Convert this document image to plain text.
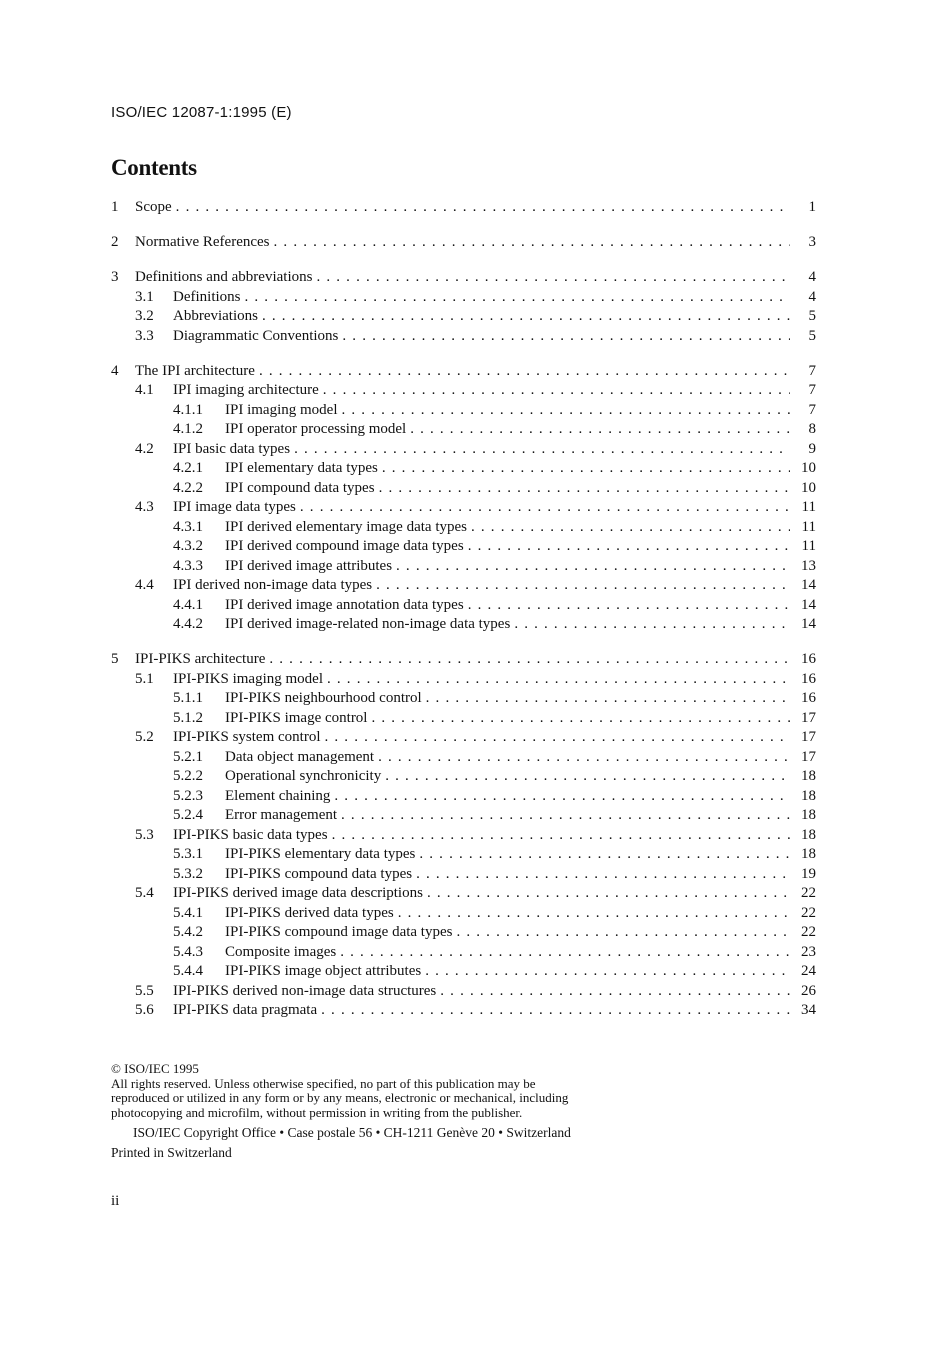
ISO/IEC 12087-1:1995 (E)
Contents
1 Scope . . .	1
2 Normative References . . .	3
3 Definitions and abbreviations . . .	4
3.1 Definitions . . .	4
3.2 Abbreviations . . .	5
3.3 Diagrammatic Conventions . . .	5
4 The IPI architecture . . .	7
4.1 IPI imaging architecture . . .	7
4.1.1 IPI imaging model . . .	7
4.1.2 IPI operator processing model . . .	8
4.2 IPI basic data types . . .	9
4.2.1 IPI elementary data types . . .	10
4.2.2 IPI compound data types . . .	10
4.3 IPI image data types . . .	11
4.3.1 IPI derived elementary image data types . . .	11
4.3.2 IPI derived compound image data types . . .	11
4.3.3 IPI derived image attributes . . .	13
4.4 IPI derived non-image data types . . .	14
4.4.1 IPI derived image annotation data types . . .	14
4.4.2 IPI derived image-related non-image data types . . .	14
5 IPI-PIKS architecture . . .	16
5.1 IPI-PIKS imaging model . . .	16
5.1.1 IPI-PIKS neighbourhood control . . .	16
5.1.2 IPI-PIKS image control . . .	17
5.2 IPI-PIKS system control . . .	17
5.2.1 Data object management . . .	17
5.2.2 Operational synchronicity . . .	18
5.2.3 Element chaining . . .	18
5.2.4 Error management . . .	18
5.3 IPI-PIKS basic data types . . .	18
5.3.1 IPI-PIKS elementary data types . . .	18
5.3.2 IPI-PIKS compound data types . . .	19
5.4 IPI-PIKS derived image data descriptions . . .	22
5.4.1 IPI-PIKS derived data types . . .	22
5.4.2 IPI-PIKS compound image data types . . .	22
5.4.3 Composite images . . .	23
5.4.4 IPI-PIKS image object attributes . . .	24
5.5 IPI-PIKS derived non-image data structures . . .	26
5.6 IPI-PIKS data pragmata . . .	34
© ISO/IEC 1995
All rights reserved. Unless otherwise specified, no part of this publication may be
reproduced or utilized in any form or by any means, electronic or mechanical, including
photocopying and microfilm, without permission in writing from the publisher.
ISO/IEC Copyright Office • Case postale 56 • CH-1211 Genève 20 • Switzerland
Printed in Switzerland
ii
